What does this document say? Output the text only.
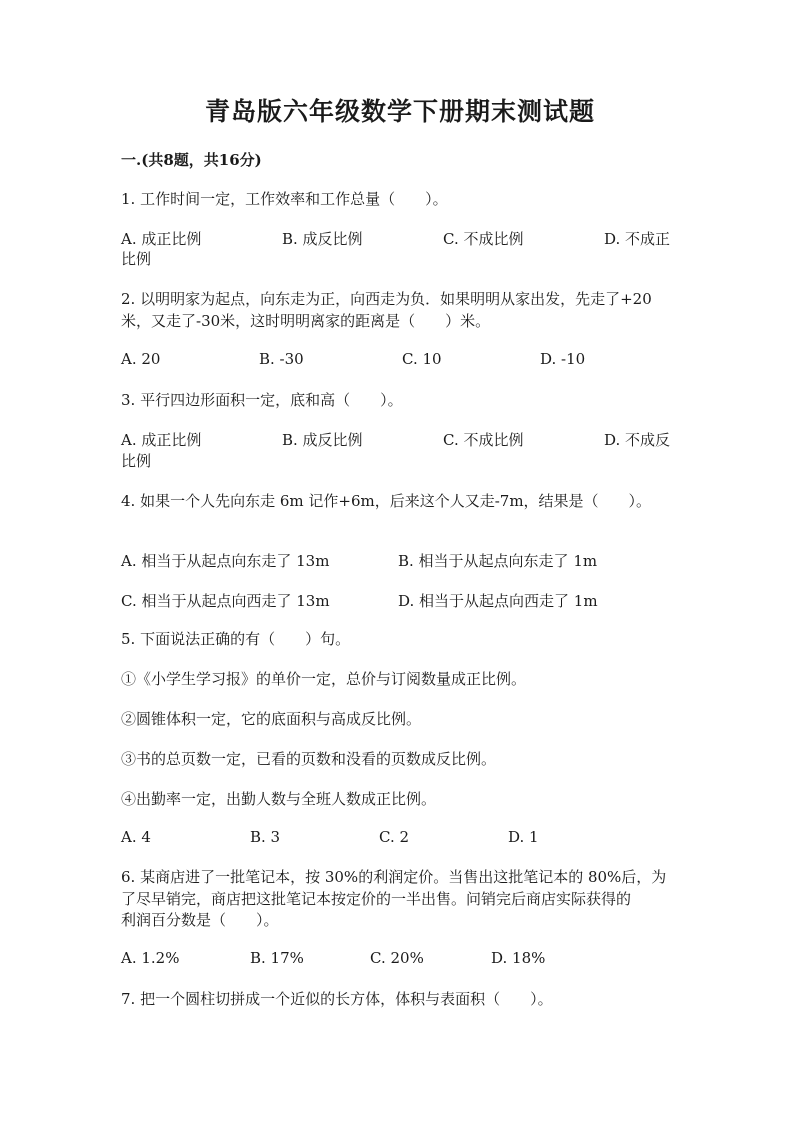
青岛版六年级数学下册期末测试题
一.(共8题，共16分)
1. 工作时间一定，工作效率和工作总量（　　）。
A. 成正比例	B. 成反比例	C. 不成比例	D. 不成正
比例
2. 以明明家为起点，向东走为正，向西走为负．如果明明从家出发，先走了+20
米，又走了-30米，这时明明离家的距离是（　　）米。
A. 20	B. -30	C. 10	D. -10
3. 平行四边形面积一定，底和高（　　）。
A. 成正比例	B. 成反比例	C. 不成比例	D. 不成反
比例
4. 如果一个人先向东走 6m 记作+6m，后来这个人又走-7m，结果是（　　）。
A. 相当于从起点向东走了 13m	B. 相当于从起点向东走了 1m
C. 相当于从起点向西走了 13m	D. 相当于从起点向西走了 1m
5. 下面说法正确的有（　　）句。
①《小学生学习报》的单价一定，总价与订阅数量成正比例。
②圆锥体积一定，它的底面积与高成反比例。
③书的总页数一定，已看的页数和没看的页数成反比例。
④出勤率一定，出勤人数与全班人数成正比例。
A. 4	B. 3	C. 2	D. 1
6. 某商店进了一批笔记本，按 30%的利润定价。当售出这批笔记本的 80%后，为
了尽早销完，商店把这批笔记本按定价的一半出售。问销完后商店实际获得的
利润百分数是（　　）。
A. 1.2%	B. 17%	C. 20%	D. 18%
7. 把一个圆柱切拼成一个近似的长方体，体积与表面积（　　）。
